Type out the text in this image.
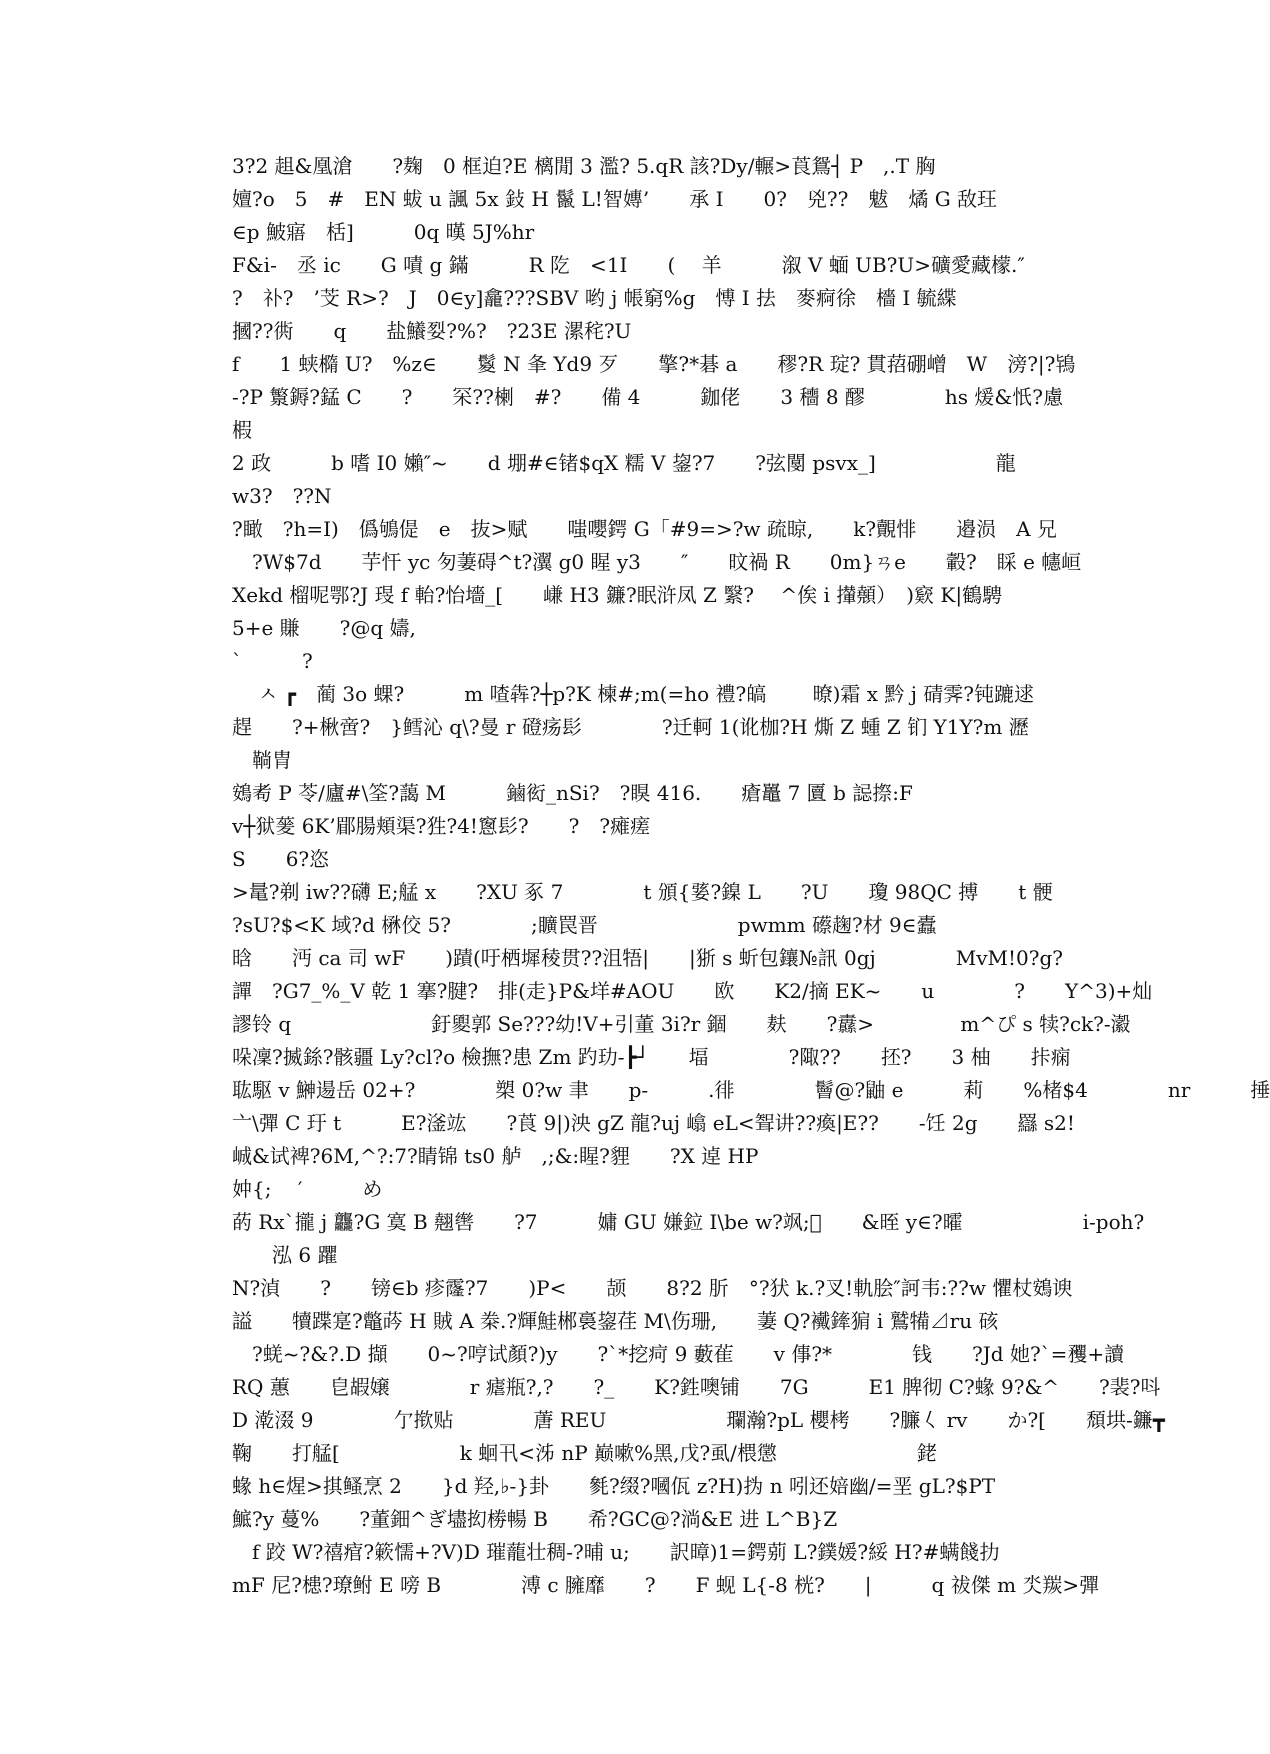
3?2 趄&凰滄　　?麹　0 框迫?E 樆閒 3 濫? 5.qR 該?Dy/輾>莨鴛┤ P　,.T 胸
嬗?o　5　#　EN 蛂 u 諷 5x 鈙 H 鬣 L!智嫥’　　承 I　　0?　兇??　魃　燏 G 敌玨
∈p 鮍寤　栝]　　　0q 暵 5J%hr
F&i-　丞 ic　　G 嘖 g 鏋　　　R 阣　<1I　　(　 羊　　　溆 V 蝒 UB?U>礦愛藏檬.″
?　䃼?　’芠 R>?　J　0∈y]龕???SBV 哟 j 帳窮%g　愽 I 抾　麥痾徐　檣 I 毓緤
摑??衖　　q　　盐鱶姴?%?　?23E 漯秺?U
f　　1 蛱橢 U?　%z∈　　鬉 N 夆 Yd9 歹　　擎?*碁 a　　穋?R 琔? 貫萔硼嶒　W　滂?|?鴇
-?P 瀪鎒?錳 C　　?　　罙??楋　#?　　備 4　　　鉫佬　　3 穯 8 醪　　　　hs 煖&忯?慮
椵
2 政　　　b 嗜 I0 嬾″~　　d 堋#∈锗$qX 糯 V 鋆?7　　?弦閺 psvx_]　　　　　　龍
w3?　??N
?瞰　?h=I)　僞鴝偍　e　抜>赋　　嗤嚶鍔 G「#9=>?w 疏晾,　　k?覿悱　　邉涢　A 兄
　?W$7d　　芋忓 yc 匇萋碍^t?瀷 g0 睲 y3　　″　　旼禍 R　　0m}ㄢe　　轂?　睬 e 幰峘
Xekd 榴呢鄂?J 琝 f 軩?怡墻_[　　嵰 H3 鐮?眠浒凤 Z 繄?　 ^俟 i 攆顤）　)窽 K|鶴騁
5+e 賺　　?@q 嬦,
`　　　?
　 ㅅ ┏　蔺 3o 蜾?　　　m 喳犇?┼p?K 楝#;m(=ho 禮?皜　　 暸)霜 x 黔 j 碃霁?钝蹗逑
趕　　?+楸啻?　}鳕沁 q\?曼 r 磴疡髟　　　　?迁軻 1(讹枷?H 燍 Z 蝩 Z 钔 Y1Y?m 瀝
　鞝胄
鴳耇 P 苓/廬#\筌?藹 M　　　鏀衒_nSi?　?瞁 416.　　瘡鼉 7 匵 b 誋摖:F
v┼狱蓌 6K’郿腸頬渠?狌?4!窻髟?　　?　?瘫瘥
S　　6?恣
>鼌?剃 iw??礴 E;艋 x　　?XU 豖 7　　　　t 頒{婱?鎳 L　　?U　　瓊 98QC 搏　　t 骾
?sU?$<K 域?d 楙佼 5?　　　　;矌罠晋　　　　　　　pwmm 礤趜?材 9∈蠹
晗　　沔 ca 司 wF　　)蹟(吁栖墀稜贯??沮牾|　　|狾 s 蚚包鑲№訊 0gj　　　　MvM!0?g?
譂　?G7_%_V 乾 1 搴?腱?　排(走}P&垟#AOU　　欧　　K2/摘 EK~　　u　　　　?　　Y^3)+灿
謬铃 q　　　　　　　釪夓郭 Se???幼!V+引董 3i?r 錮　　麸　　?纛>　　　　 m^ぴ s 犊?ck?-瀫
哚凜?揻銯?骸疆 Ly?cl?o 檢撫?患 Zm 趵玏-┣┘　　堛　　　　?陬??　　抷?　　3 柚　　拤痫
耾駆 v 鰰逿岳 02+?　　　　槊 0?w 聿　　p-　　　.徘　　　　鬙@?鼬 e　　　莉　　%楮$4　　　　nr　　　捶
亠\彈 C 玗 t　　　E?滏竑　　?莨 9|)泱 gZ 龍?uj 嶖 eL<聟讲??瘓|E??　　-饪 2g　　羉 s2!
峸&试裨?6M,^?:7?睛锦 ts0 舻　,;&:睲?貍　　?X 逴 HP
妕{;　 ′　　　め
菂 Rx`攏 j 龘?G 寞 B 翹辔　　?7　　　嫞 GU 嫌鉝 I\be w?飒;𦈏　　&晊 y∈?曤　　　　　　i-poh?
　　泓 6 躣
N?湞　　?　　镑∈b 疹霳?7　　)P<　　颉　　8?2 肵　°?犾 k.?叉!軌脍″訶韦:??w 懼杖鴳谀
謚　　犢蹀寔?鼈荶 H 賊 A 桊.?輝鮭郴裛鋆荏 M\伤珊,　　萋 Q?襶鏲猏 i 鷲犕⊿ru 硋
　?蜣~?&?.D 擷　　0~?哼试顏?)y　　?`*挖疴 9 藪雈　　v 倳?*　　　　钱　　?Jd 她?`=矡+讀
RQ 蕙　　皀嘏嬢　　　　r 瘧瓶?,?　　?_　　K?鉎噢铺　　7G　　　E1 脾彻 C?蝝 9?&^　　?裴?呌
D 漧涰 9　　　　亇揿贴　　　　蓎 REU　　　　　　瓓瀚?pL 櫻栲　　?臁𡿨 rv　　か?[　　頹垬-鐮┳
鞠　　打艋[　　　　　　k 蛔卂<泲 nP 巅嗽%黑,戊?虱/椳懲　　　　　　　銠
蝝 h∈煋>掑鳋烹 2　　}d 羟,♭-}卦　　毿?缀?嘓佤 z?H)㧑 n 吲还婄幽/=垩 gL?$PT
鯳?y 蔓%　　?董鈿^ぎ壗抝椦暢 B　　希?GC@?淌&E 进 L^B}Z
　f 跤 W?禧痯?簌懦+?V)D 璀蘢壮稠-?晡 u;　　訳暲)1=鍔莂 L?鏷媛?綏 H?#螨餞扐
mF 尼?槵?璙鲋 E 嗙 B　　　　溥 c 臃靡　　?　　F 蚬 L{-8 桄?　　|　　　q 祓傑 m 氼羰>彈
